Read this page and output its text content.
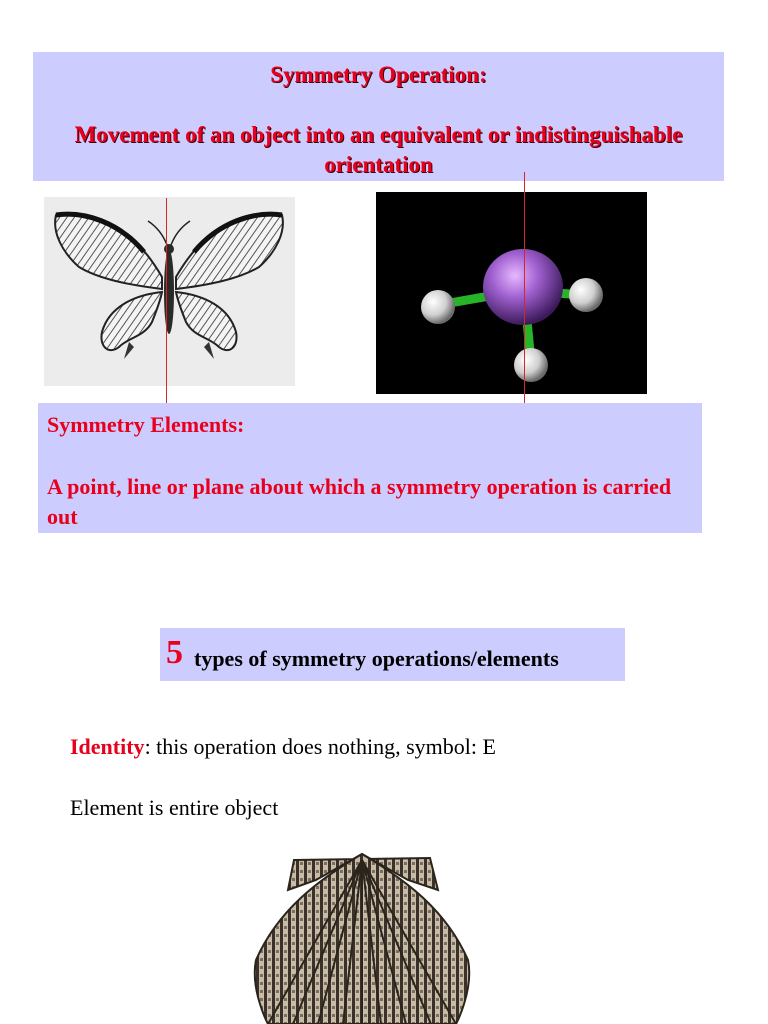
Symmetry Operation:
Movement of an object into an equivalent or indistinguishable orientation
Symmetry Elements:
A point, line or plane about which a symmetry operation is carried out
5 types of symmetry operations/elements
Identity: this operation does nothing, symbol: E
Element is entire object
